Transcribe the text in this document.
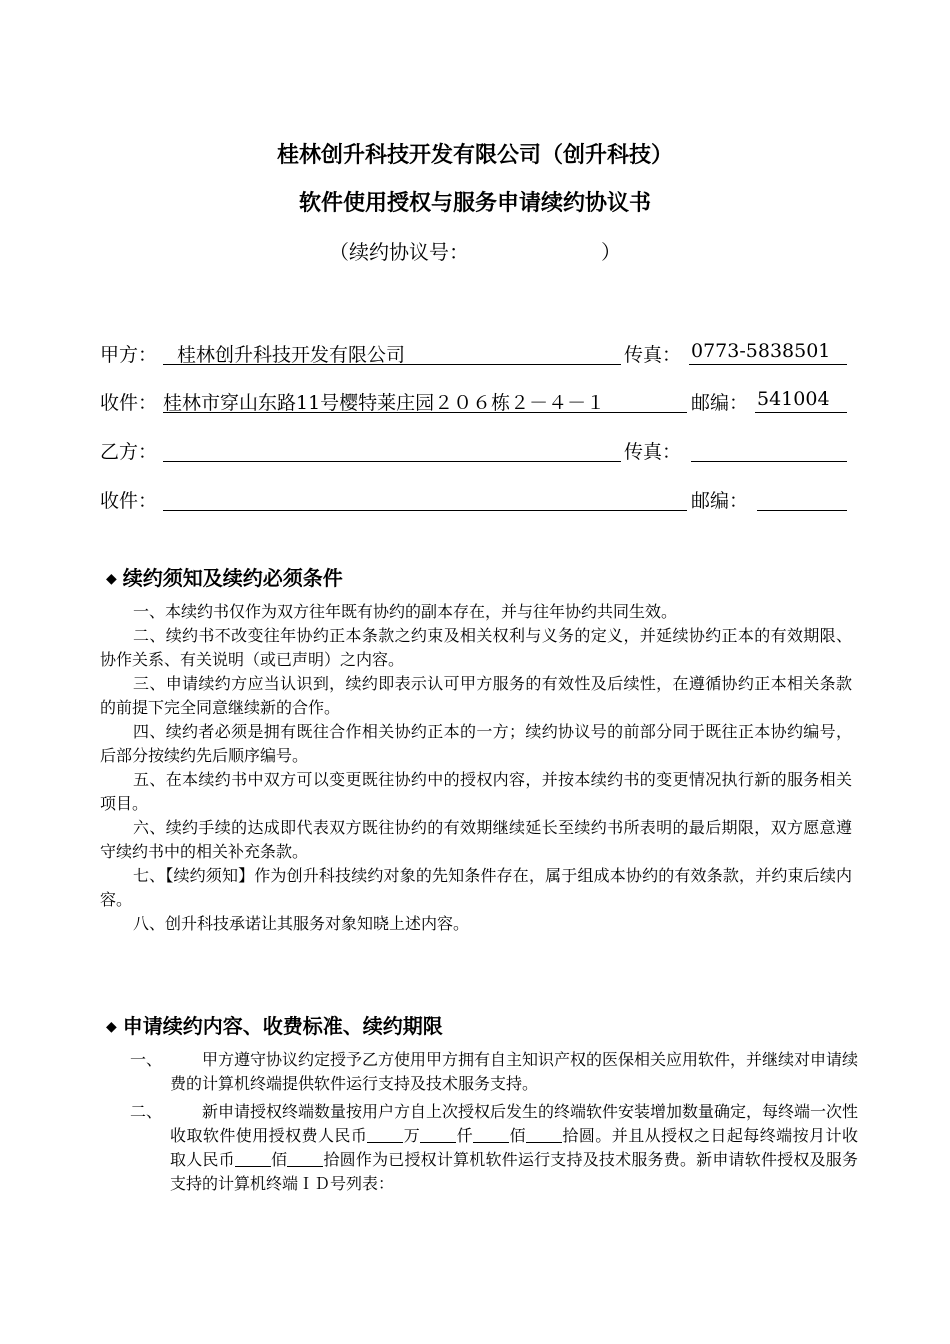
桂林创升科技开发有限公司（创升科技）
软件使用授权与服务申请续约协议书
（续约协议号：	）
甲方： 桂林创升科技开发有限公司	传真： 0773-5838501
收件： 桂林市穿山东路11号樱特莱庄园２０６栋２－４－１	邮编： 541004
乙方：	传真：
收件：	邮编：
◆ 续约须知及续约必须条件

一、本续约书仅作为双方往年既有协约的副本存在，并与往年协约共同生效。

二、续约书不改变往年协约正本条款之约束及相关权利与义务的定义，并延续协约正本的有效期限、协作关系、有关说明（或已声明）之内容。

三、申请续约方应当认识到，续约即表示认可甲方服务的有效性及后续性，在遵循协约正本相关条款的前提下完全同意继续新的合作。

四、续约者必须是拥有既往合作相关协约正本的一方；续约协议号的前部分同于既往正本协约编号，后部分按续约先后顺序编号。

五、在本续约书中双方可以变更既往协约中的授权内容，并按本续约书的变更情况执行新的服务相关项目。

六、续约手续的达成即代表双方既往协约的有效期继续延长至续约书所表明的最后期限，双方愿意遵守续约书中的相关补充条款。

七、【续约须知】作为创升科技续约对象的先知条件存在，属于组成本协约的有效条款，并约束后续内容。

八、创升科技承诺让其服务对象知晓上述内容。

◆ 申请续约内容、收费标准、续约期限
一、	甲方遵守协议约定授予乙方使用甲方拥有自主知识产权的医保相关应用软件，并继续对申请续费的计算机终端提供软件运行支持及技术服务支持。
二、	新申请授权终端数量按用户方自上次授权后发生的终端软件安装增加数量确定，每终端一次性收取软件使用授权费人民币 万 仟 佰 拾圆。并且从授权之日起每终端按月计收取人民币 佰 拾圆作为已授权计算机软件运行支持及技术服务费。新申请软件授权及服务支持的计算机终端ＩＤ号列表：
